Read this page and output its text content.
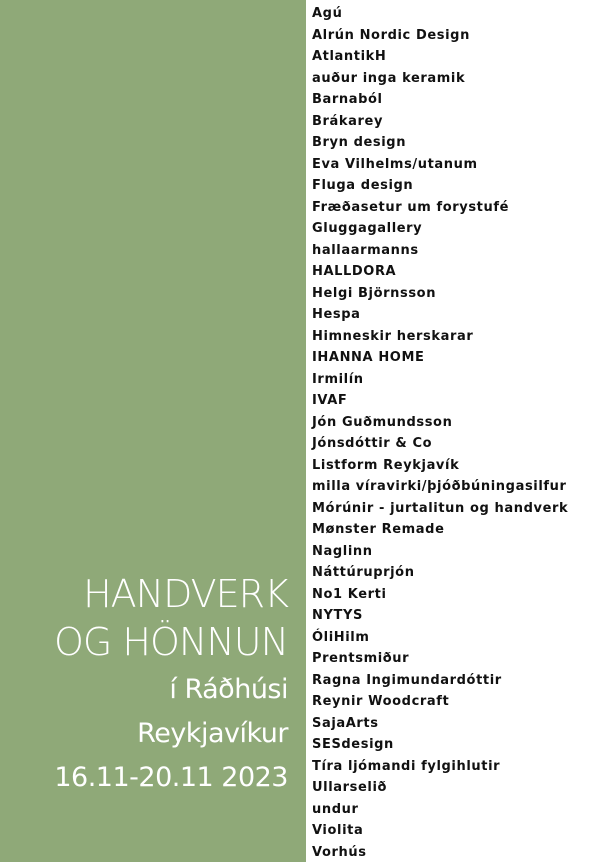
HANDVERK
OG HÖNNUN
í Ráðhúsi
Reykjavíkur
16.11-20.11 2023
Agú
Alrún Nordic Design
AtlantikH
auður inga keramik
Barnaból
Brákarey
Bryn design
Eva Vilhelms/utanum
Fluga design
Fræðasetur um forystufé
Gluggagallery
hallaarmanns
HALLDORA
Helgi Björnsson
Hespa
Himneskir herskarar
IHANNA HOME
Irmilín
IVAF
Jón Guðmundsson
Jónsdóttir & Co
Listform Reykjavík
milla víravirki/þjóðbúningasilfur
Mórúnir - jurtalitun og handverk
Mønster Remade
Naglinn
Náttúruprjón
No1 Kerti
NYTYS
ÓliHilm
Prentsmiður
Ragna Ingimundardóttir
Reynir Woodcraft
SajaArts
SESdesign
Tíra ljómandi fylgihlutir
Ullarselið
undur
Violita
Vorhús
